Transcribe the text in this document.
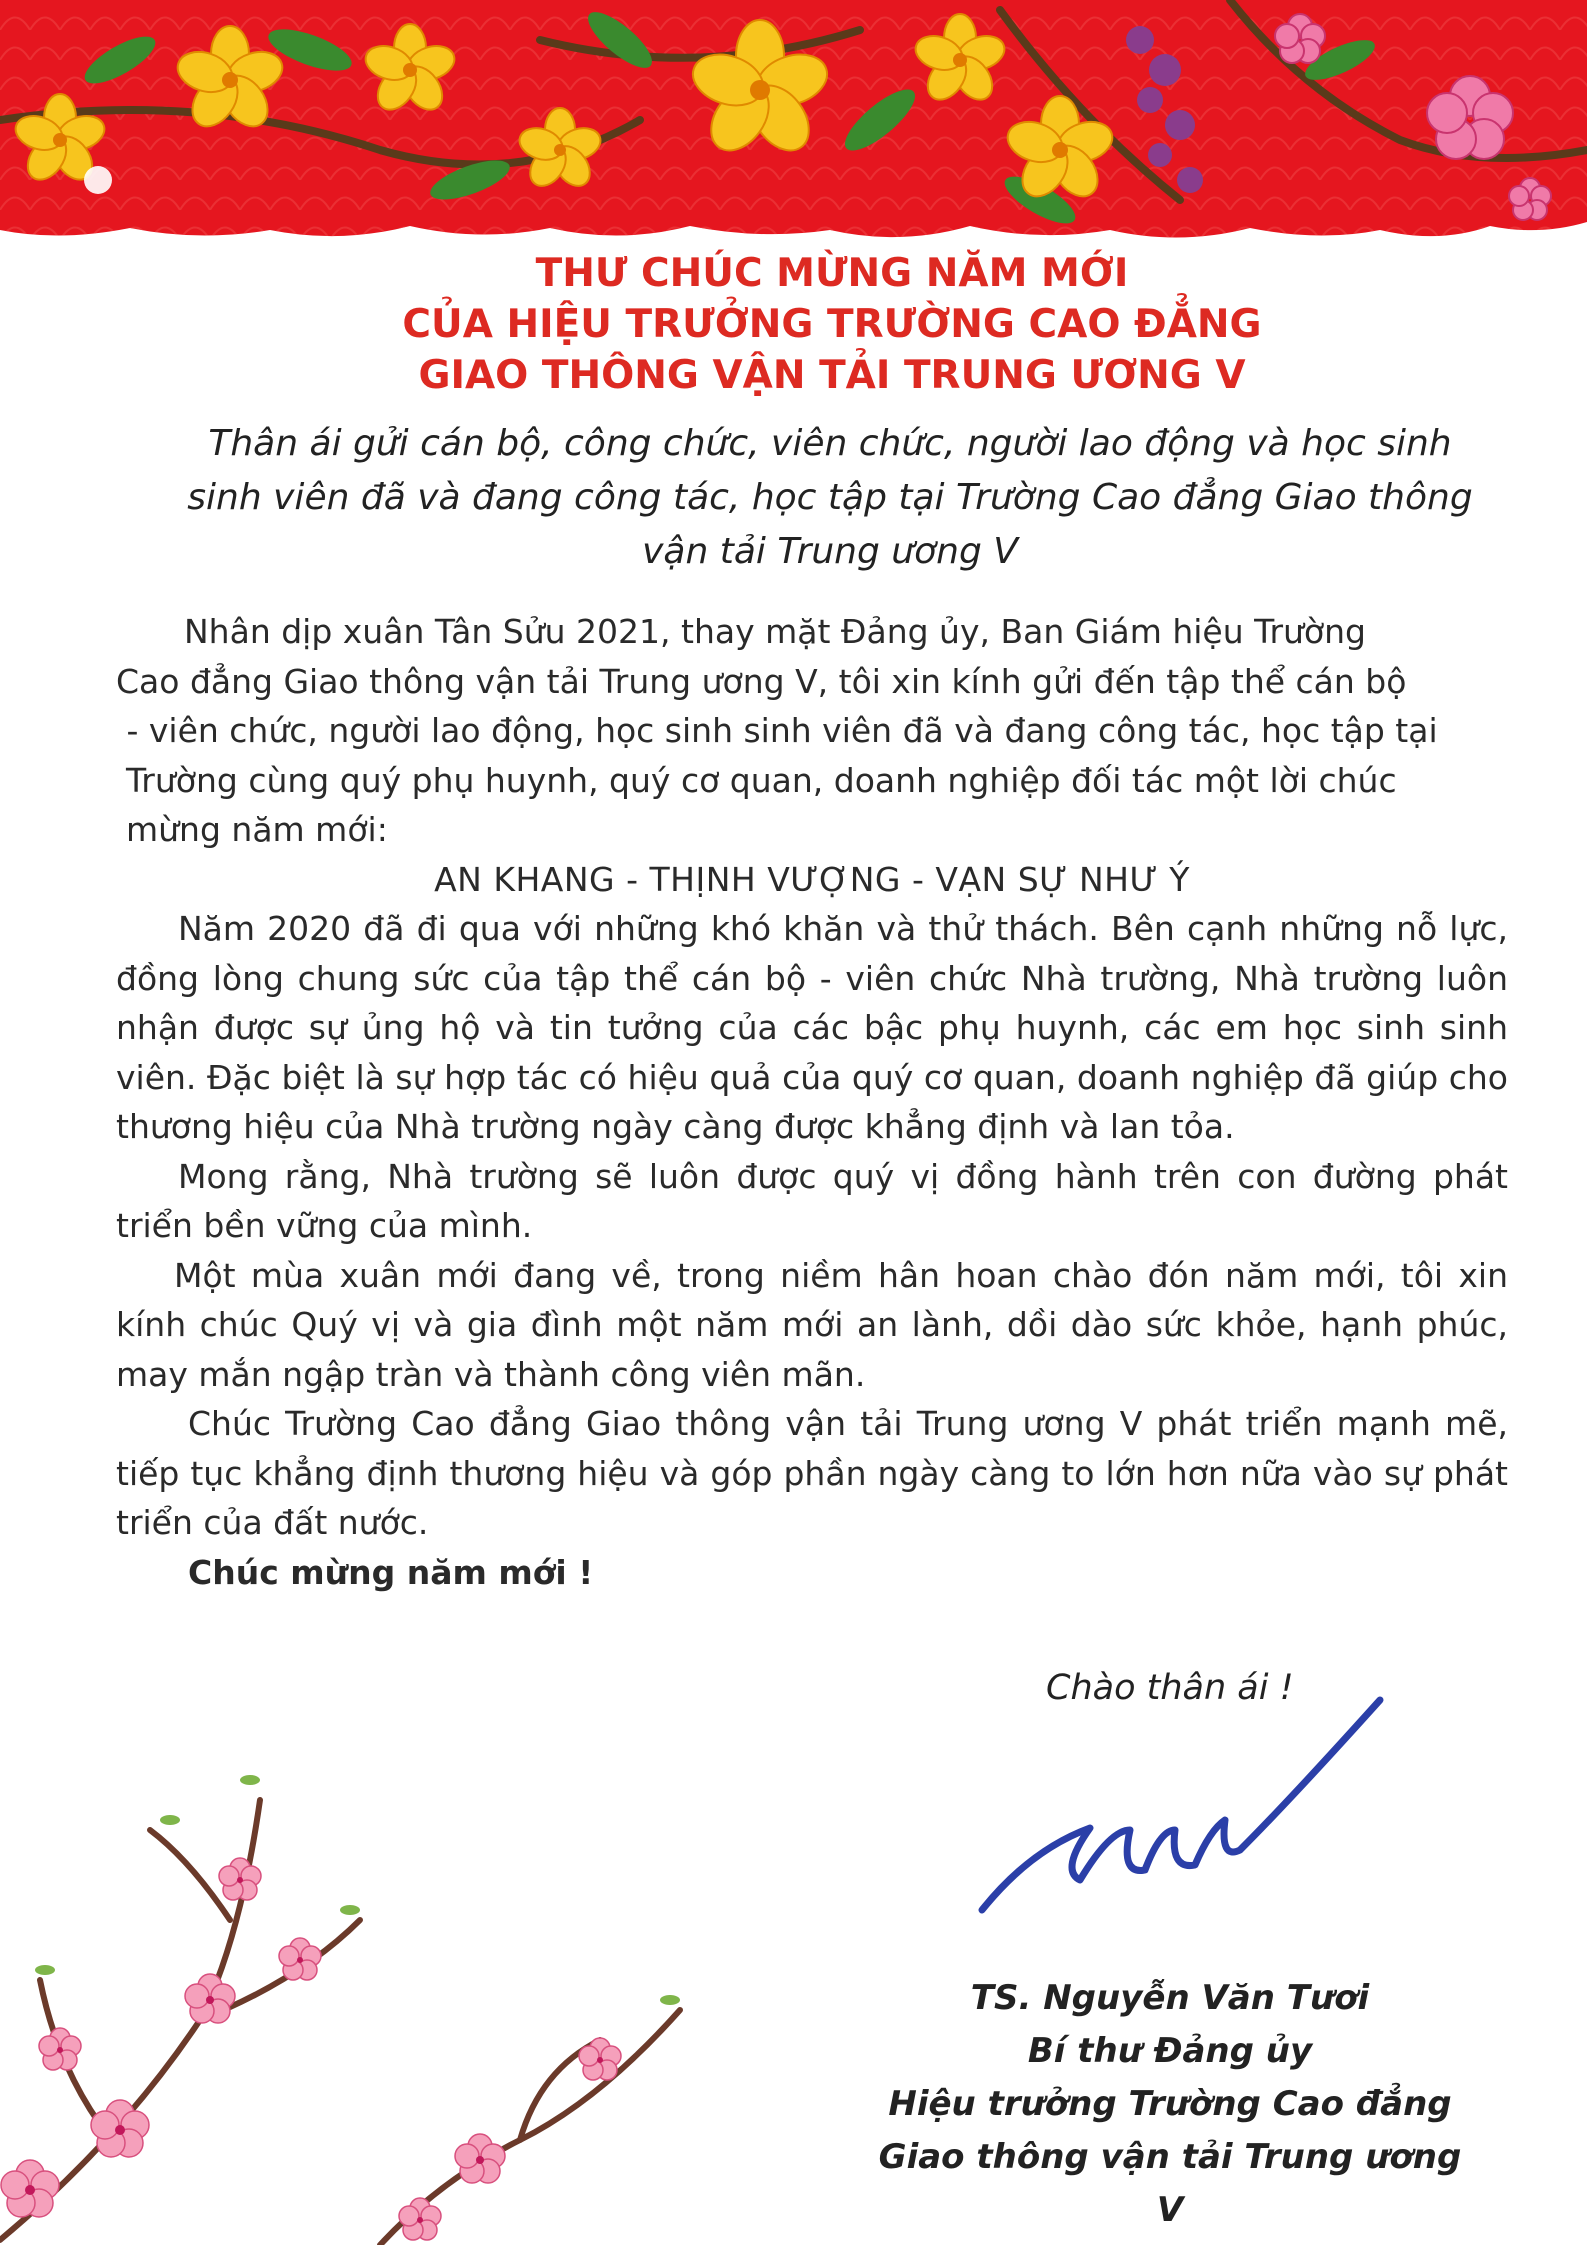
THƯ CHÚC MỪNG NĂM MỚI
CỦA HIỆU TRƯỞNG TRƯỜNG CAO ĐẲNG
GIAO THÔNG VẬN TẢI TRUNG ƯƠNG V
Thân ái gửi cán bộ, công chức, viên chức, người lao động và học sinh
sinh viên đã và đang công tác, học tập tại Trường Cao đẳng Giao thông
vận tải Trung ương V
Nhân dịp xuân Tân Sửu 2021, thay mặt Đảng ủy, Ban Giám hiệu Trường
Cao đẳng Giao thông vận tải Trung ương V, tôi xin kính gửi đến tập thể cán bộ
- viên chức, người lao động, học sinh sinh viên đã và đang công tác, học tập tại
Trường cùng quý phụ huynh, quý cơ quan, doanh nghiệp đối tác một lời chúc
mừng năm mới:
AN KHANG - THỊNH VƯỢNG - VẠN SỰ NHƯ Ý
Năm 2020 đã đi qua với những khó khăn và thử thách. Bên cạnh những nỗ lực, đồng lòng chung sức của tập thể cán bộ - viên chức Nhà trường, Nhà trường luôn nhận được sự ủng hộ và tin tưởng của các bậc phụ huynh, các em học sinh sinh viên. Đặc biệt là sự hợp tác có hiệu quả của quý cơ quan, doanh nghiệp đã giúp cho thương hiệu của Nhà trường ngày càng được khẳng định và lan tỏa.
Mong rằng, Nhà trường sẽ luôn được quý vị đồng hành trên con đường phát triển bền vững của mình.
Một mùa xuân mới đang về, trong niềm hân hoan chào đón năm mới, tôi xin kính chúc Quý vị và gia đình một năm mới an lành, dồi dào sức khỏe, hạnh phúc, may mắn ngập tràn và thành công viên mãn.
Chúc Trường Cao đẳng Giao thông vận tải Trung ương V phát triển mạnh mẽ, tiếp tục khẳng định thương hiệu và góp phần ngày càng to lớn hơn nữa vào sự phát triển của đất nước.
Chúc mừng năm mới !
Chào thân ái !
TS. Nguyễn Văn Tươi
Bí thư Đảng ủy
Hiệu trưởng Trường Cao đẳng
Giao thông vận tải Trung ương V
